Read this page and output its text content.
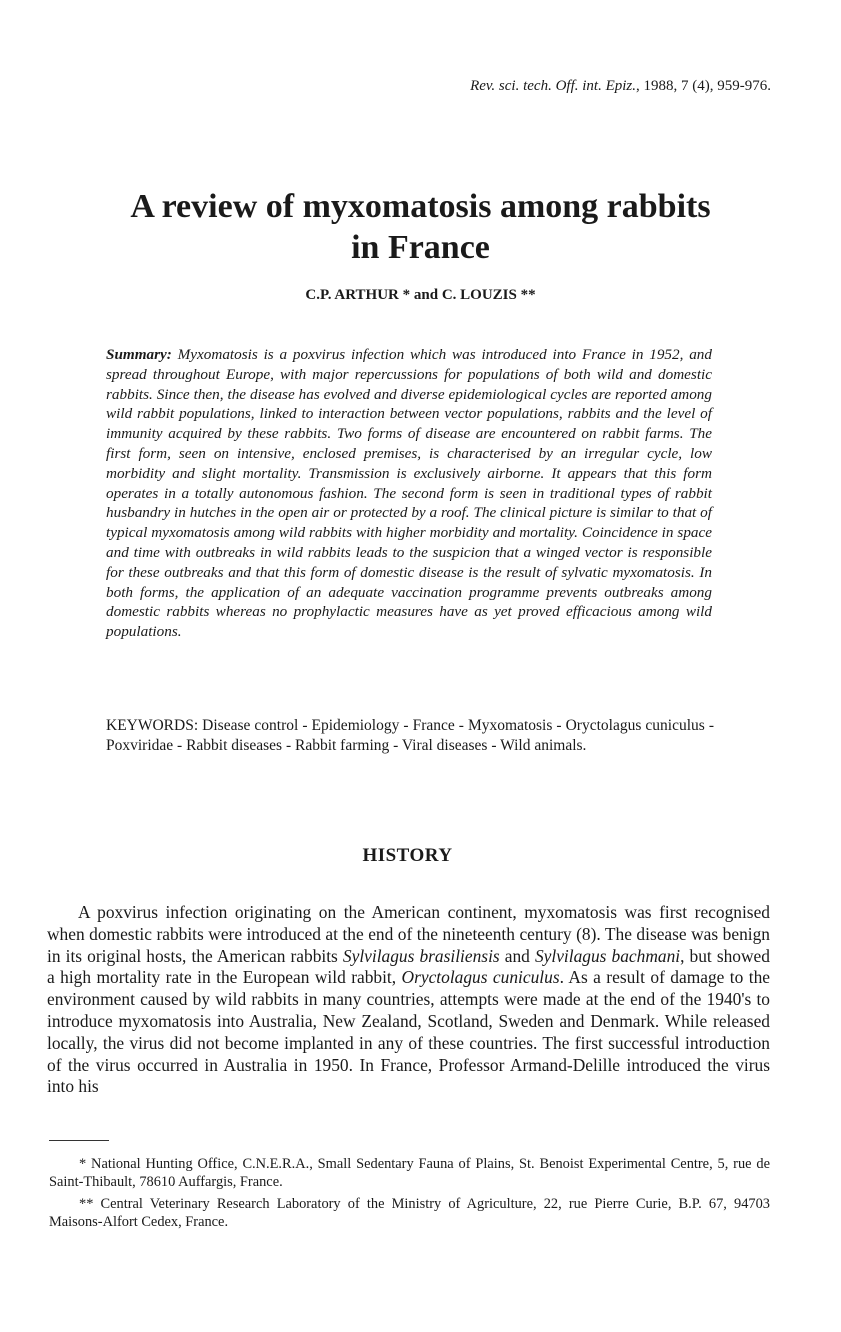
Rev. sci. tech. Off. int. Epiz., 1988, 7 (4), 959-976.
A review of myxomatosis among rabbits
in France
C.P. ARTHUR * and C. LOUZIS **
Summary: Myxomatosis is a poxvirus infection which was introduced into France in 1952, and spread throughout Europe, with major repercussions for populations of both wild and domestic rabbits. Since then, the disease has evolved and diverse epidemiological cycles are reported among wild rabbit populations, linked to interaction between vector populations, rabbits and the level of immunity acquired by these rabbits. Two forms of disease are encountered on rabbit farms. The first form, seen on intensive, enclosed premises, is characterised by an irregular cycle, low morbidity and slight mortality. Transmission is exclusively airborne. It appears that this form operates in a totally autonomous fashion. The second form is seen in traditional types of rabbit husbandry in hutches in the open air or protected by a roof. The clinical picture is similar to that of typical myxomatosis among wild rabbits with higher morbidity and mortality. Coincidence in space and time with outbreaks in wild rabbits leads to the suspicion that a winged vector is responsible for these outbreaks and that this form of domestic disease is the result of sylvatic myxomatosis. In both forms, the application of an adequate vaccination programme prevents outbreaks among domestic rabbits whereas no prophylactic measures have as yet proved efficacious among wild populations.
KEYWORDS: Disease control - Epidemiology - France - Myxomatosis - Oryctolagus cuniculus - Poxviridae - Rabbit diseases - Rabbit farming - Viral diseases - Wild animals.
HISTORY
A poxvirus infection originating on the American continent, myxomatosis was first recognised when domestic rabbits were introduced at the end of the nineteenth century (8). The disease was benign in its original hosts, the American rabbits Sylvilagus brasiliensis and Sylvilagus bachmani, but showed a high mortality rate in the European wild rabbit, Oryctolagus cuniculus. As a result of damage to the environment caused by wild rabbits in many countries, attempts were made at the end of the 1940's to introduce myxomatosis into Australia, New Zealand, Scotland, Sweden and Denmark. While released locally, the virus did not become implanted in any of these countries. The first successful introduction of the virus occurred in Australia in 1950. In France, Professor Armand-Delille introduced the virus into his
* National Hunting Office, C.N.E.R.A., Small Sedentary Fauna of Plains, St. Benoist Experimental Centre, 5, rue de Saint-Thibault, 78610 Auffargis, France.
** Central Veterinary Research Laboratory of the Ministry of Agriculture, 22, rue Pierre Curie, B.P. 67, 94703 Maisons-Alfort Cedex, France.
